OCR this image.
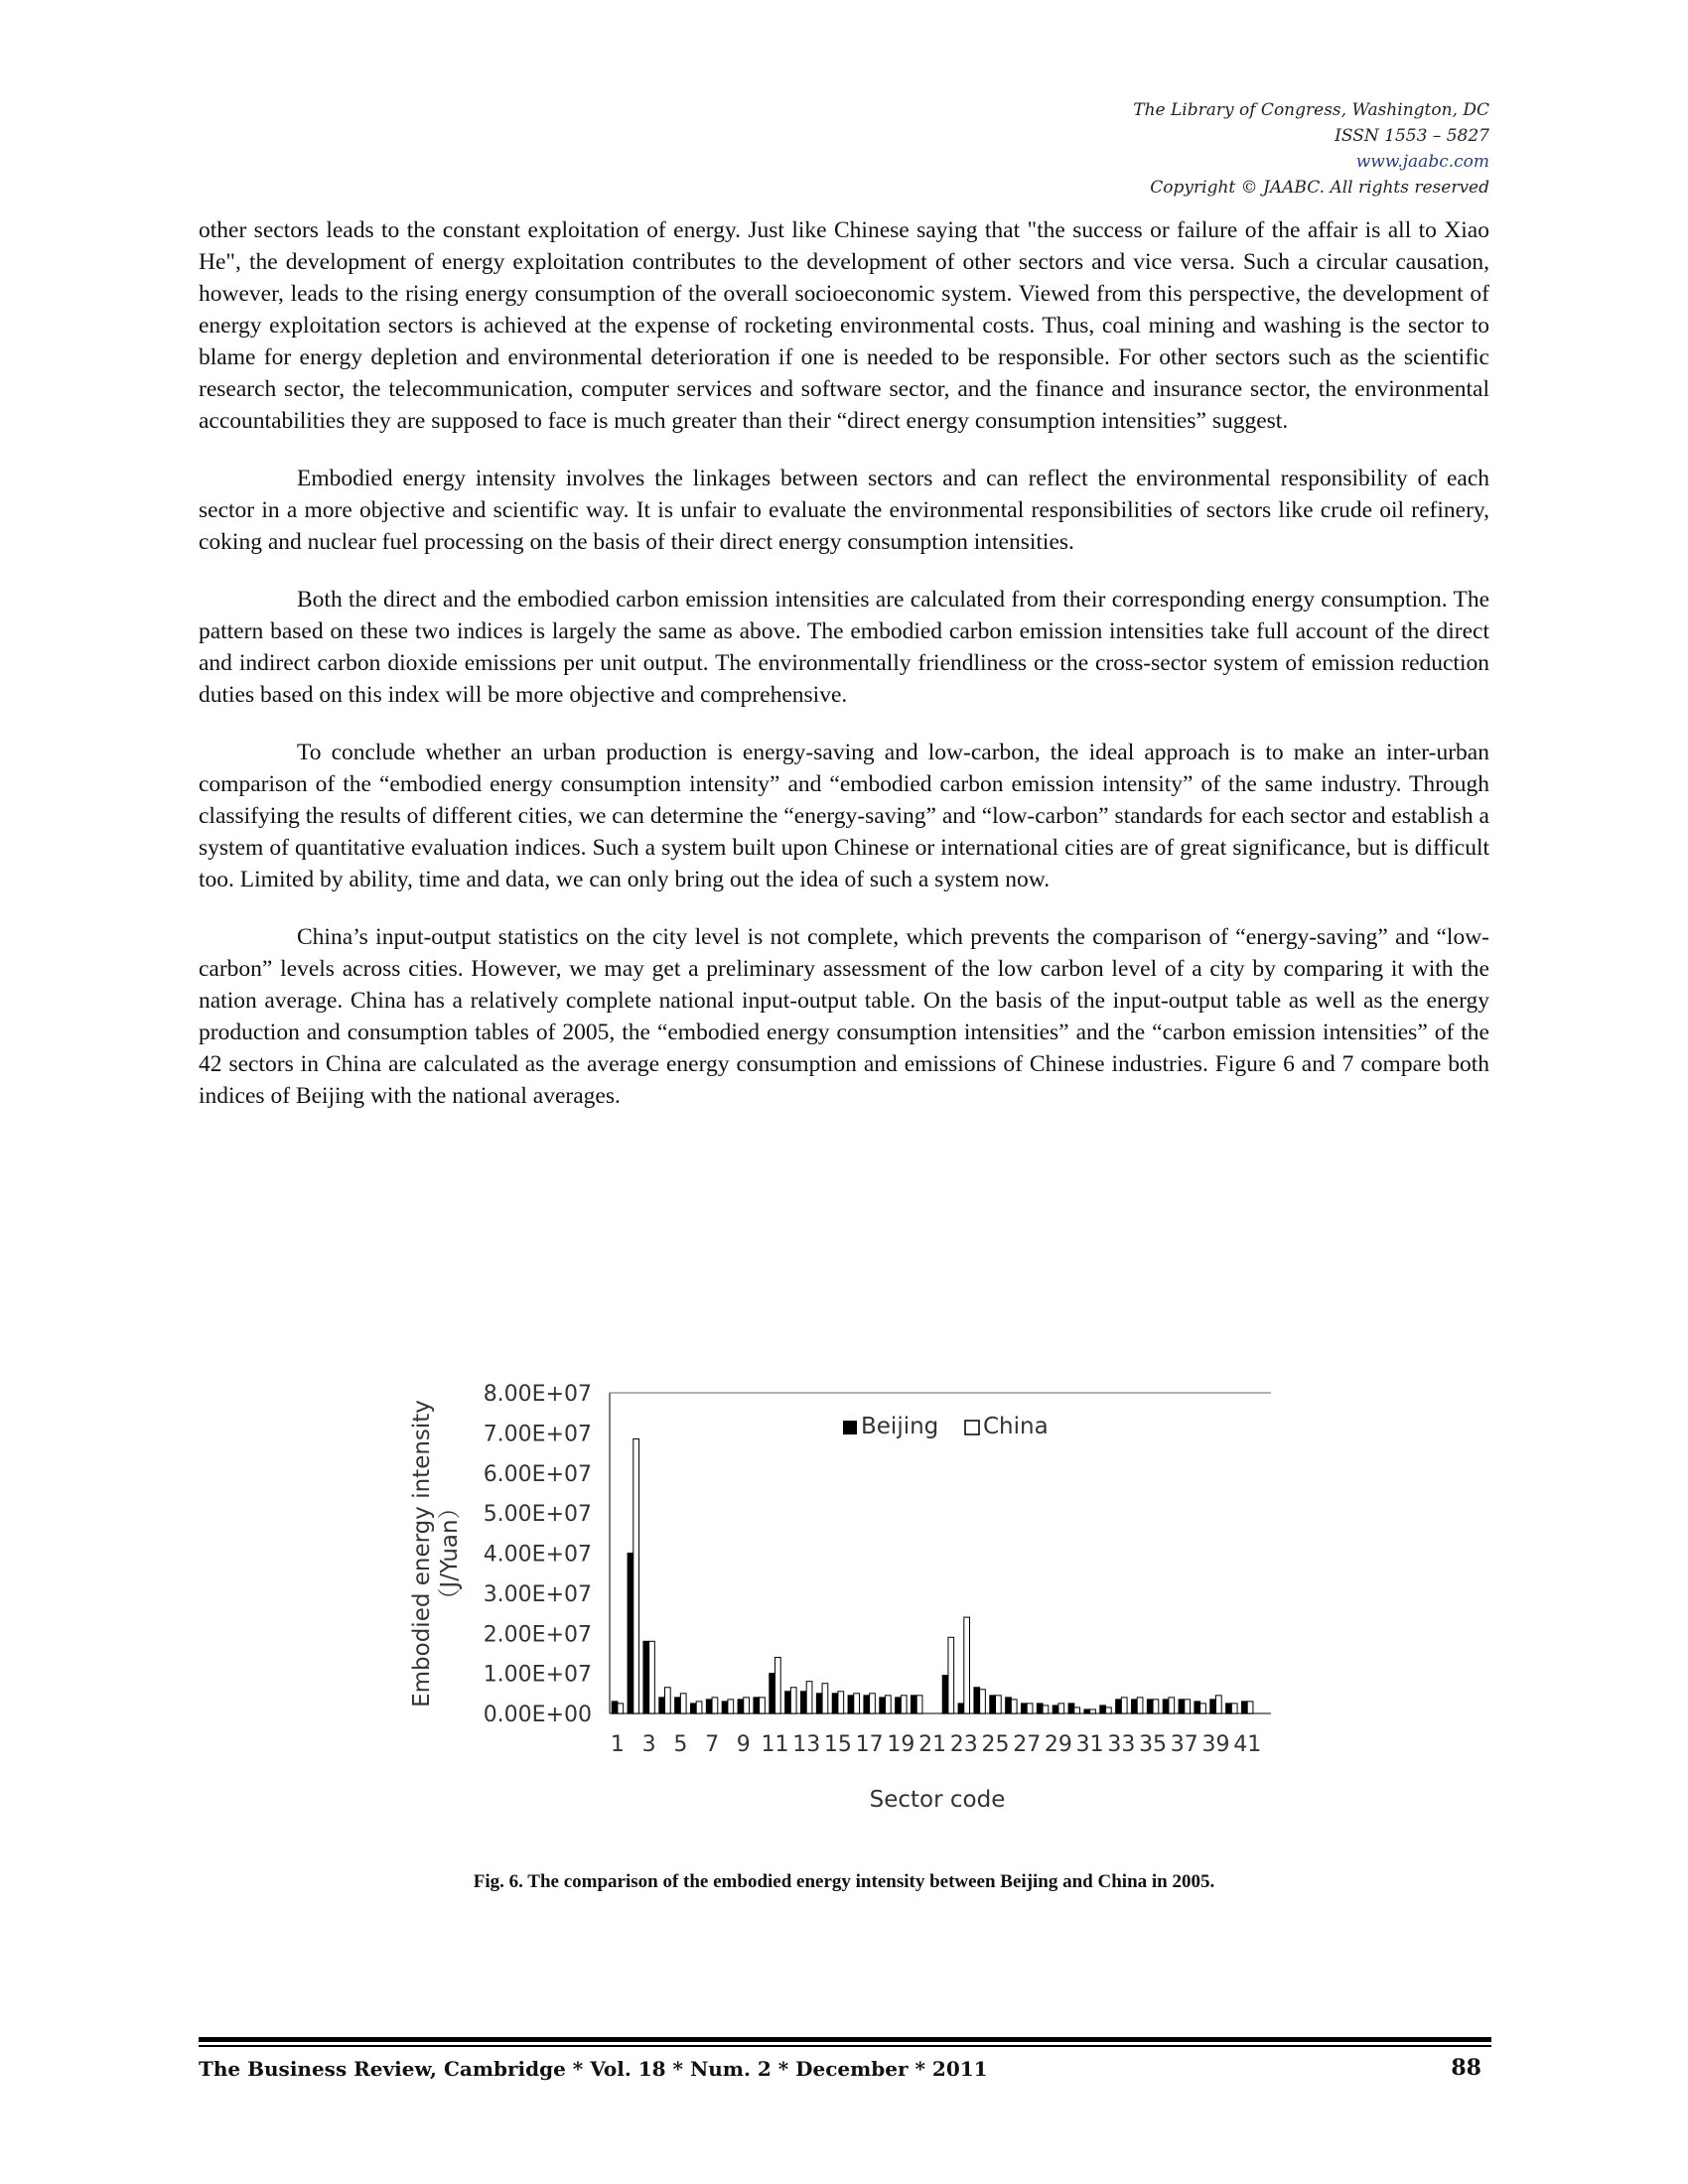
The Library of Congress, Washington, DC
ISSN 1553 – 5827
www.jaabc.com
Copyright © JAABC. All rights reserved

other sectors leads to the constant exploitation of energy. Just like Chinese saying that "the success or failure of the affair is all to Xiao He", the development of energy exploitation contributes to the development of other sectors and vice versa. Such a circular causation, however, leads to the rising energy consumption of the overall socioeconomic system. Viewed from this perspective, the development of energy exploitation sectors is achieved at the expense of rocketing environmental costs. Thus, coal mining and washing is the sector to blame for energy depletion and environmental deterioration if one is needed to be responsible. For other sectors such as the scientific research sector, the telecommunication, computer services and software sector, and the finance and insurance sector, the environmental accountabilities they are supposed to face is much greater than their “direct energy consumption intensities” suggest.

Embodied energy intensity involves the linkages between sectors and can reflect the environmental responsibility of each sector in a more objective and scientific way. It is unfair to evaluate the environmental responsibilities of sectors like crude oil refinery, coking and nuclear fuel processing on the basis of their direct energy consumption intensities.

Both the direct and the embodied carbon emission intensities are calculated from their corresponding energy consumption. The pattern based on these two indices is largely the same as above. The embodied carbon emission intensities take full account of the direct and indirect carbon dioxide emissions per unit output. The environmentally friendliness or the cross-sector system of emission reduction duties based on this index will be more objective and comprehensive.

To conclude whether an urban production is energy-saving and low-carbon, the ideal approach is to make an inter-urban comparison of the “embodied energy consumption intensity” and “embodied carbon emission intensity” of the same industry. Through classifying the results of different cities, we can determine the “energy-saving” and “low-carbon” standards for each sector and establish a system of quantitative evaluation indices. Such a system built upon Chinese or international cities are of great significance, but is difficult too. Limited by ability, time and data, we can only bring out the idea of such a system now.

China’s input-output statistics on the city level is not complete, which prevents the comparison of “energy-saving” and “low-carbon” levels across cities. However, we may get a preliminary assessment of the low carbon level of a city by comparing it with the nation average. China has a relatively complete national input-output table. On the basis of the input-output table as well as the energy production and consumption tables of 2005, the “embodied energy consumption intensities” and the “carbon emission intensities” of the 42 sectors in China are calculated as the average energy consumption and emissions of Chinese industries. Figure 6 and 7 compare both indices of Beijing with the national averages.

0.00E+00
1.00E+07
2.00E+07
3.00E+07
4.00E+07
5.00E+07
6.00E+07
7.00E+07
8.00E+07
1 3 5 7 9 11 13 15 17 19 21 23 25 27 29 31 33 35 37 39 41
Beijing China
Sector code
Embodied energy intensity （J/Yuan）
Fig. 6. The comparison of the embodied energy intensity between Beijing and China in 2005.
The Business Review, Cambridge * Vol. 18 * Num. 2 * December * 2011	88
